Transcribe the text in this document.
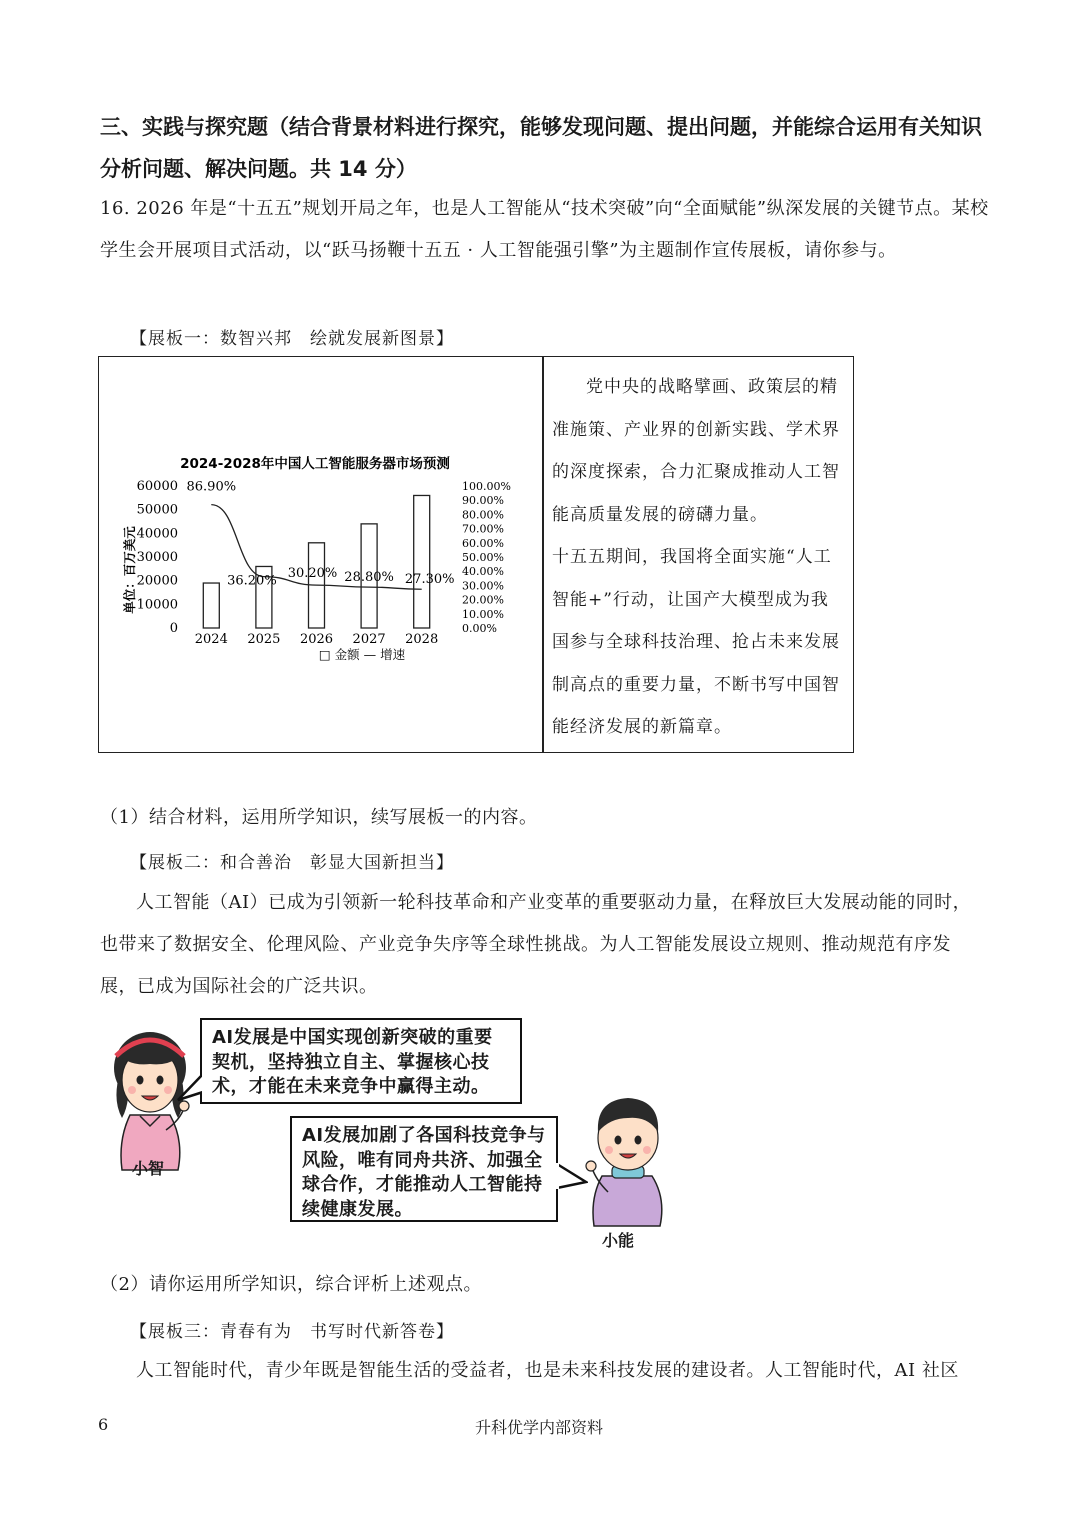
三、实践与探究题（结合背景材料进行探究，能够发现问题、提出问题，并能综合运用有关知识分析问题、解决问题。共 14 分）
16. 2026 年是“十五五”规划开局之年，也是人工智能从“技术突破”向“全面赋能”纵深发展的关键节点。某校学生会开展项目式活动，以“跃马扬鞭十五五 · 人工智能强引擎”为主题制作宣传展板，请你参与。
【展板一：数智兴邦　绘就发展新图景】

党中央的战略擘画、政策层的精准施策、产业界的创新实践、学术界的深度探索，合力汇聚成推动人工智能高质量发展的磅礴力量。

十五五期间，我国将全面实施“人工智能+”行动，让国产大模型成为我国参与全球科技治理、抢占未来发展制高点的重要力量，不断书写中国智能经济发展的新篇章。

2024-2028年中国人工智能服务器市场预测
单位：百万美元
0
10000
20000
30000
40000
50000
60000
0.00%
10.00%
20.00%
30.00%
40.00%
50.00%
60.00%
70.00%
80.00%
90.00%
100.00%
86.90%
36.20% 30.20% 28.80% 27.30%
2024 2025 2026 2027 2028
□ 金额 — 增速
（1）结合材料，运用所学知识，续写展板一的内容。
【展板二：和合善治　彰显大国新担当】
人工智能（AI）已成为引领新一轮科技革命和产业变革的重要驱动力量，在释放巨大发展动能的同时，也带来了数据安全、伦理风险、产业竞争失序等全球性挑战。为人工智能发展设立规则、推动规范有序发展，已成为国际社会的广泛共识。
小智
AI发展是中国实现创新突破的重要契机，坚持独立自主、掌握核心技术，才能在未来竞争中赢得主动。
AI发展加剧了各国科技竞争与风险，唯有同舟共济、加强全球合作，才能推动人工智能持续健康发展。
小能
（2）请你运用所学知识，综合评析上述观点。
【展板三：青春有为　书写时代新答卷】
人工智能时代，青少年既是智能生活的受益者，也是未来科技发展的建设者。人工智能时代，AI 社区
6	升科优学内部资料
